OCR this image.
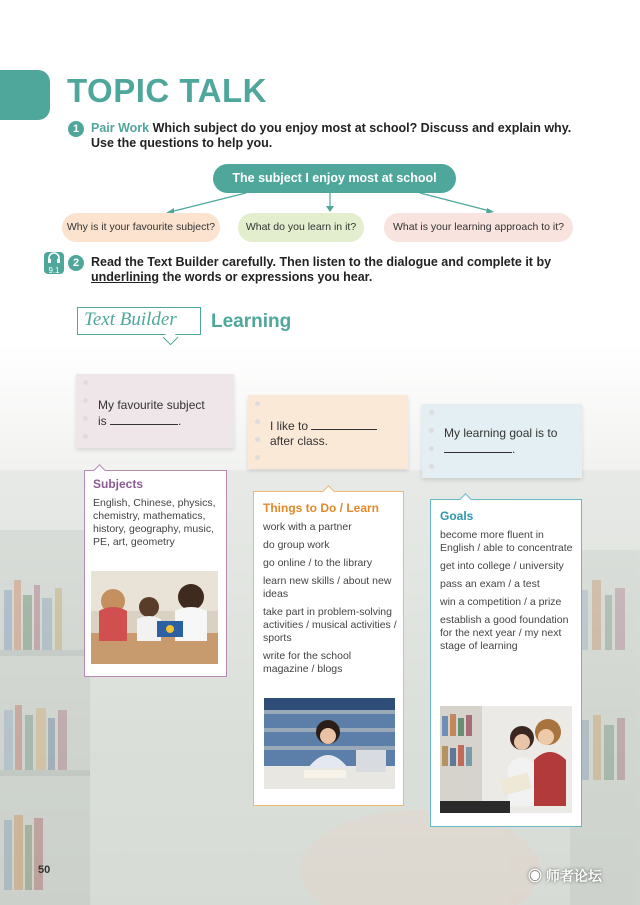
TOPIC TALK
1 Pair Work Which subject do you enjoy most at school? Discuss and explain why. Use the questions to help you.
The subject I enjoy most at school
Why is it your favourite subject?	What do you learn in it?	What is your learning approach to it?
9.1
2 Read the Text Builder carefully. Then listen to the dialogue and complete it by underlining the words or expressions you hear.
Text Builder Learning
My favourite subject
is	.	I like to
after class.
My learning goal is to
.
Subjects
English, Chinese, physics, chemistry, mathematics, history, geography, music, PE, art, geometry
Things to Do / Learn
work with a partner
do group work
go online / to the library
learn new skills / about new ideas
take part in problem-solving activities / musical activities / sports
write for the school magazine / blogs
Goals
become more fluent in English / able to concentrate
get into college / university
pass an exam / a test
win a competition / a prize
establish a good foundation for the next year / my next stage of learning
50	◉ 师者论坛
